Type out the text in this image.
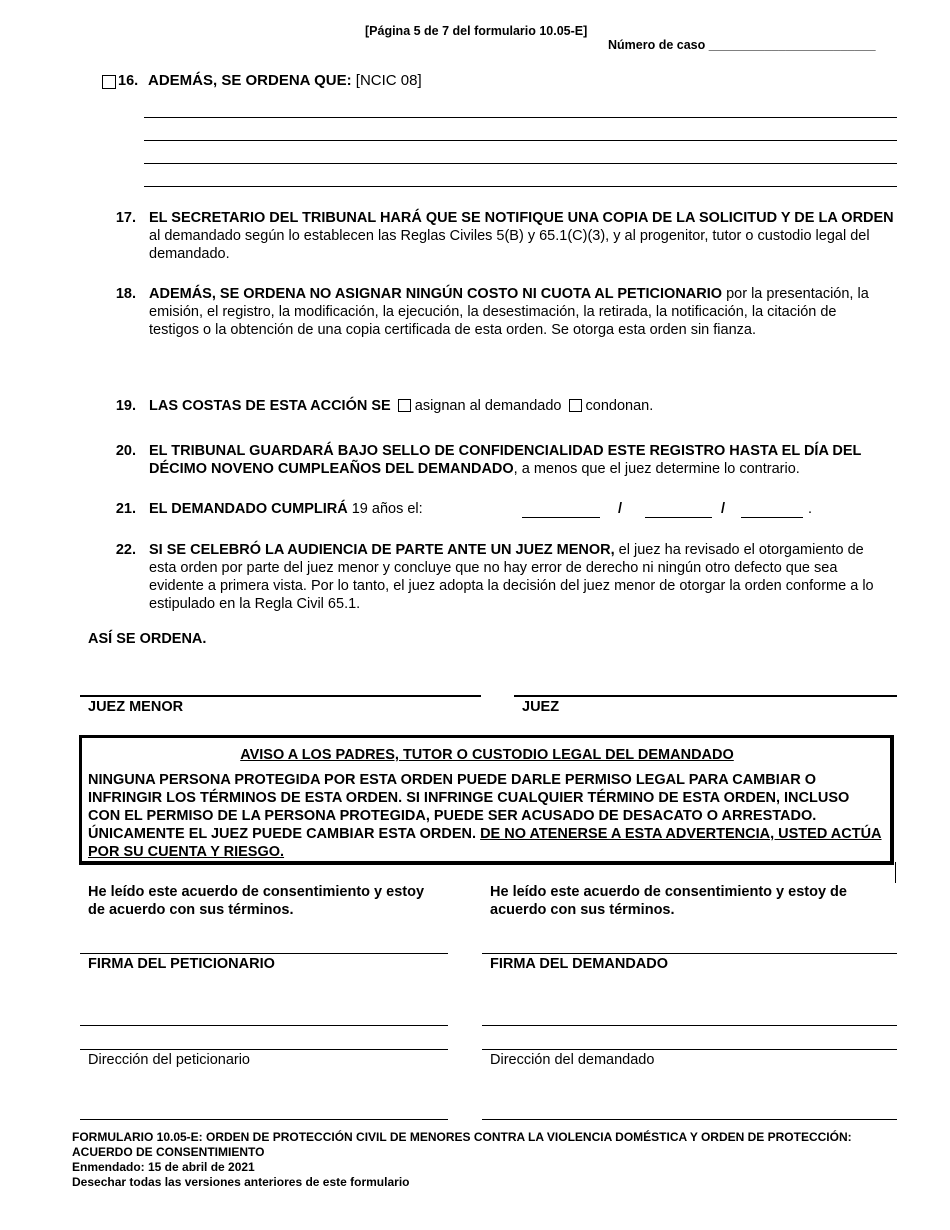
[Página 5 de 7 del formulario 10.05-E]
Número de caso ________________________
16. ADEMÁS, SE ORDENA QUE: [NCIC 08]
17. EL SECRETARIO DEL TRIBUNAL HARÁ QUE SE NOTIFIQUE UNA COPIA DE LA SOLICITUD Y DE LA ORDEN al demandado según lo establecen las Reglas Civiles 5(B) y 65.1(C)(3), y al progenitor, tutor o custodio legal del demandado.
18. ADEMÁS, SE ORDENA NO ASIGNAR NINGÚN COSTO NI CUOTA AL PETICIONARIO por la presentación, la emisión, el registro, la modificación, la ejecución, la desestimación, la retirada, la notificación, la citación de testigos o la obtención de una copia certificada de esta orden. Se otorga esta orden sin fianza.
19. LAS COSTAS DE ESTA ACCIÓN SE asignan al demandado condonan.
20. EL TRIBUNAL GUARDARÁ BAJO SELLO DE CONFIDENCIALIDAD ESTE REGISTRO HASTA EL DÍA DEL DÉCIMO NOVENO CUMPLEAÑOS DEL DEMANDADO, a menos que el juez determine lo contrario.
21. EL DEMANDADO CUMPLIRÁ 19 años el:	/	/	.
22. SI SE CELEBRÓ LA AUDIENCIA DE PARTE ANTE UN JUEZ MENOR, el juez ha revisado el otorgamiento de esta orden por parte del juez menor y concluye que no hay error de derecho ni ningún otro defecto que sea evidente a primera vista. Por lo tanto, el juez adopta la decisión del juez menor de otorgar la orden conforme a lo estipulado en la Regla Civil 65.1.
ASÍ SE ORDENA.
JUEZ MENOR	JUEZ
AVISO A LOS PADRES, TUTOR O CUSTODIO LEGAL DEL DEMANDADO
NINGUNA PERSONA PROTEGIDA POR ESTA ORDEN PUEDE DARLE PERMISO LEGAL PARA CAMBIAR O INFRINGIR LOS TÉRMINOS DE ESTA ORDEN. SI INFRINGE CUALQUIER TÉRMINO DE ESTA ORDEN, INCLUSO CON EL PERMISO DE LA PERSONA PROTEGIDA, PUEDE SER ACUSADO DE DESACATO O ARRESTADO. ÚNICAMENTE EL JUEZ PUEDE CAMBIAR ESTA ORDEN. DE NO ATENERSE A ESTA ADVERTENCIA, USTED ACTÚA POR SU CUENTA Y RIESGO.
He leído este acuerdo de consentimiento y estoy de acuerdo con sus términos.
He leído este acuerdo de consentimiento y estoy de acuerdo con sus términos.
FIRMA DEL PETICIONARIO	FIRMA DEL DEMANDADO
Dirección del peticionario	Dirección del demandado
FORMULARIO 10.05-E: ORDEN DE PROTECCIÓN CIVIL DE MENORES CONTRA LA VIOLENCIA DOMÉSTICA Y ORDEN DE PROTECCIÓN:
ACUERDO DE CONSENTIMIENTO
Enmendado: 15 de abril de 2021
Desechar todas las versiones anteriores de este formulario
